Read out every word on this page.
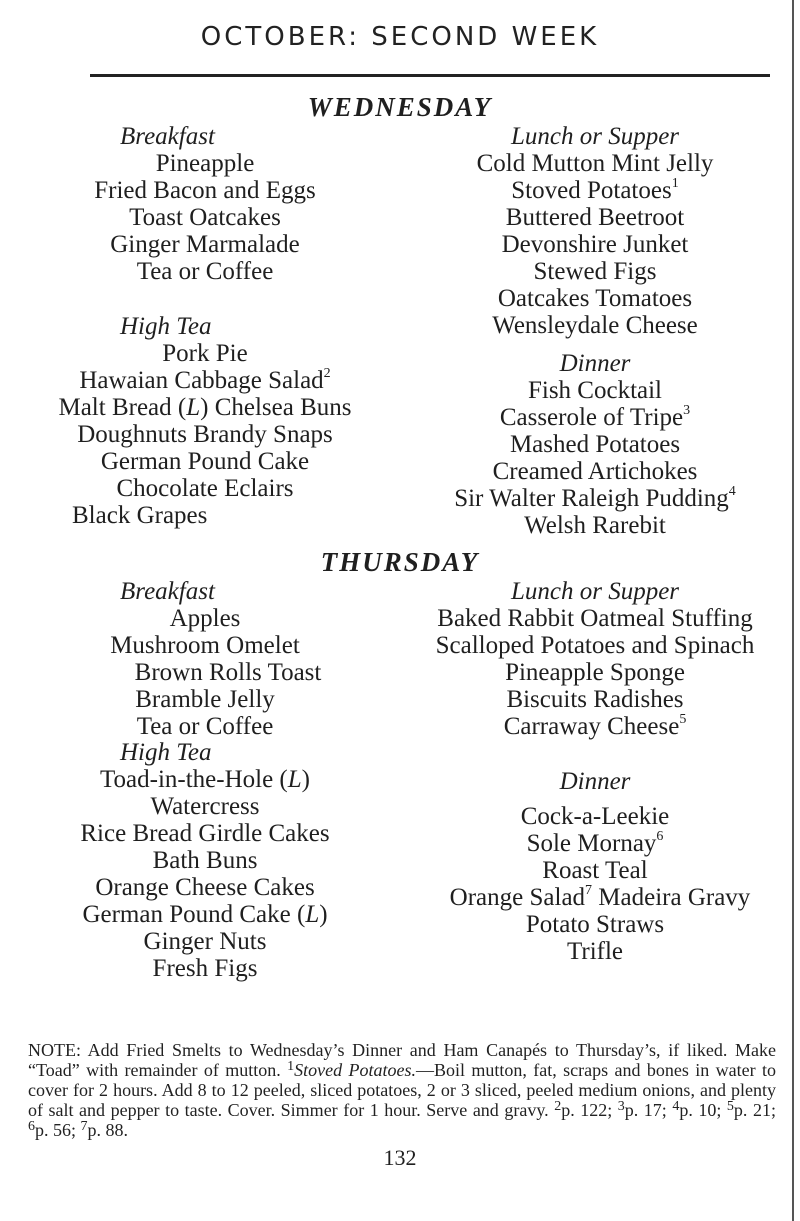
OCTOBER: SECOND WEEK
WEDNESDAY
Breakfast
Pineapple
Fried Bacon and Eggs
Toast Oatcakes
Ginger Marmalade
Tea or Coffee
High Tea
Pork Pie
Hawaian Cabbage Salad$^2$
Malt Bread (L) Chelsea Buns
Doughnuts Brandy Snaps
German Pound Cake
Chocolate Eclairs
Black Grapes
Lunch or Supper
Cold Mutton Mint Jelly
Stoved Potatoes$^1$
Buttered Beetroot
Devonshire Junket
Stewed Figs
Oatcakes Tomatoes
Wensleydale Cheese
Dinner
Fish Cocktail
Casserole of Tripe$^3$
Mashed Potatoes
Creamed Artichokes
Sir Walter Raleigh Pudding$^4$
Welsh Rarebit
THURSDAY
Breakfast
Apples
Mushroom Omelet
Brown Rolls Toast
Bramble Jelly
Tea or Coffee
High Tea
Toad-in-the-Hole (L)
Watercress
Rice Bread Girdle Cakes
Bath Buns
Orange Cheese Cakes
German Pound Cake (L)
Ginger Nuts
Fresh Figs
Lunch or Supper
Baked Rabbit Oatmeal Stuffing
Scalloped Potatoes and Spinach
Pineapple Sponge
Biscuits Radishes
Carraway Cheese$^5$
Dinner
Cock-a-Leekie
Sole Mornay$^6$
Roast Teal
Orange Salad$^7$ Madeira Gravy
Potato Straws
Trifle
NOTE: Add Fried Smelts to Wednesday’s Dinner and Ham Canapés to Thursday’s, if liked. Make “Toad” with remainder of mutton. $^1$Stoved Potatoes.—Boil mutton, fat, scraps and bones in water to cover for 2 hours. Add 8 to 12 peeled, sliced potatoes, 2 or 3 sliced, peeled medium onions, and plenty of salt and pepper to taste. Cover. Simmer for 1 hour. Serve and gravy. $^2$p. 122; $^3$p. 17; $^4$p. 10; $^5$p. 21; $^6$p. 56; $^7$p. 88.
132
